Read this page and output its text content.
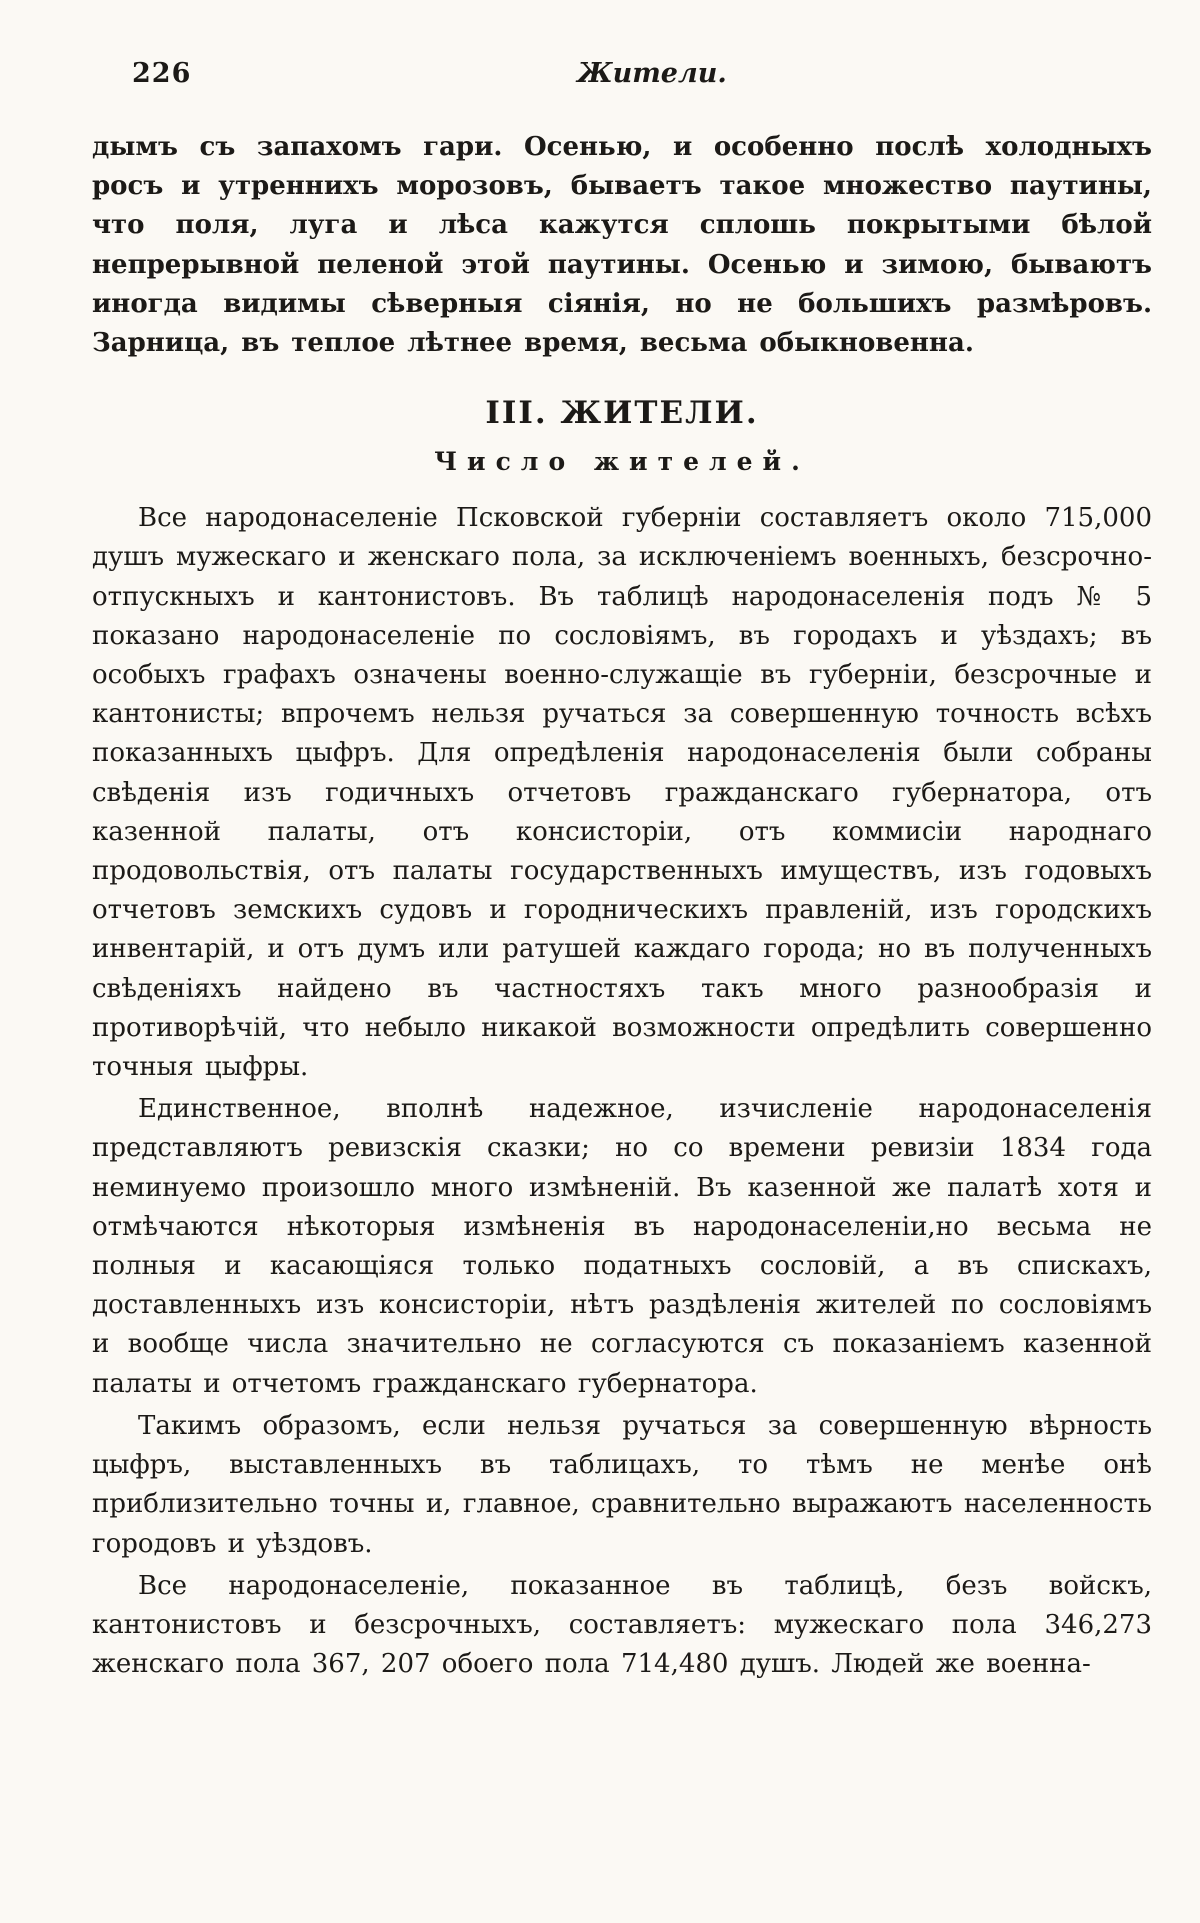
226	Жители.

дымъ съ запахомъ гари. Осенью, и особенно послѣ холодныхъ росъ и утреннихъ морозовъ, бываетъ такое множество паутины, что поля, луга и лѣса кажутся сплошь покрытыми бѣлой непрерывной пеленой этой паутины. Осенью и зимою, бываютъ иногда видимы сѣверныя сіянія, но не большихъ размѣровъ. Зарница, въ теплое лѣтнее время, весьма обыкновенна.

III. ЖИТЕЛИ.
Число жителей.

Все народонаселеніе Псковской губерніи составляетъ около 715,000 душъ мужескаго и женскаго пола, за исключеніемъ военныхъ, безсрочно-отпускныхъ и кантонистовъ. Въ таблицѣ народонаселенія подъ № 5 показано народонаселеніе по сословіямъ, въ городахъ и уѣздахъ; въ особыхъ графахъ означены военно-служащіе въ губерніи, безсрочные и кантонисты; впрочемъ нельзя ручаться за совершенную точность всѣхъ показанныхъ цыфръ. Для опредѣленія народонаселенія были собраны свѣденія изъ годичныхъ отчетовъ гражданскаго губернатора, отъ казенной палаты, отъ консисторіи, отъ коммисіи народнаго продовольствія, отъ палаты государственныхъ имуществъ, изъ годовыхъ отчетовъ земскихъ судовъ и городническихъ правленій, изъ городскихъ инвентарій, и отъ думъ или ратушей каждаго города; но въ полученныхъ свѣденіяхъ найдено въ частностяхъ такъ много разнообразія и противорѣчій, что небыло никакой возможности опредѣлить совершенно точныя цыфры.

Единственное, вполнѣ надежное, изчисленіе народонаселенія представляютъ ревизскія сказки; но со времени ревизіи 1834 года неминуемо произошло много измѣненій. Въ казенной же палатѣ хотя и отмѣчаются нѣкоторыя измѣненія въ народонаселеніи,но весьма не полныя и касающіяся только податныхъ сословій, а въ спискахъ, доставленныхъ изъ консисторіи, нѣтъ раздѣленія жителей по сословіямъ и вообще числа значительно не согласуются съ показаніемъ казенной палаты и отчетомъ гражданскаго губернатора.

Такимъ образомъ, если нельзя ручаться за совершенную вѣрность цыфръ, выставленныхъ въ таблицахъ, то тѣмъ не менѣе онѣ приблизительно точны и, главное, сравнительно выражаютъ населенность городовъ и уѣздовъ.

Все народонаселеніе, показанное въ таблицѣ, безъ войскъ, кантонистовъ и безсрочныхъ, составляетъ: мужескаго пола 346,273 женскаго пола 367, 207 обоего пола 714,480 душъ. Людей же военна-
